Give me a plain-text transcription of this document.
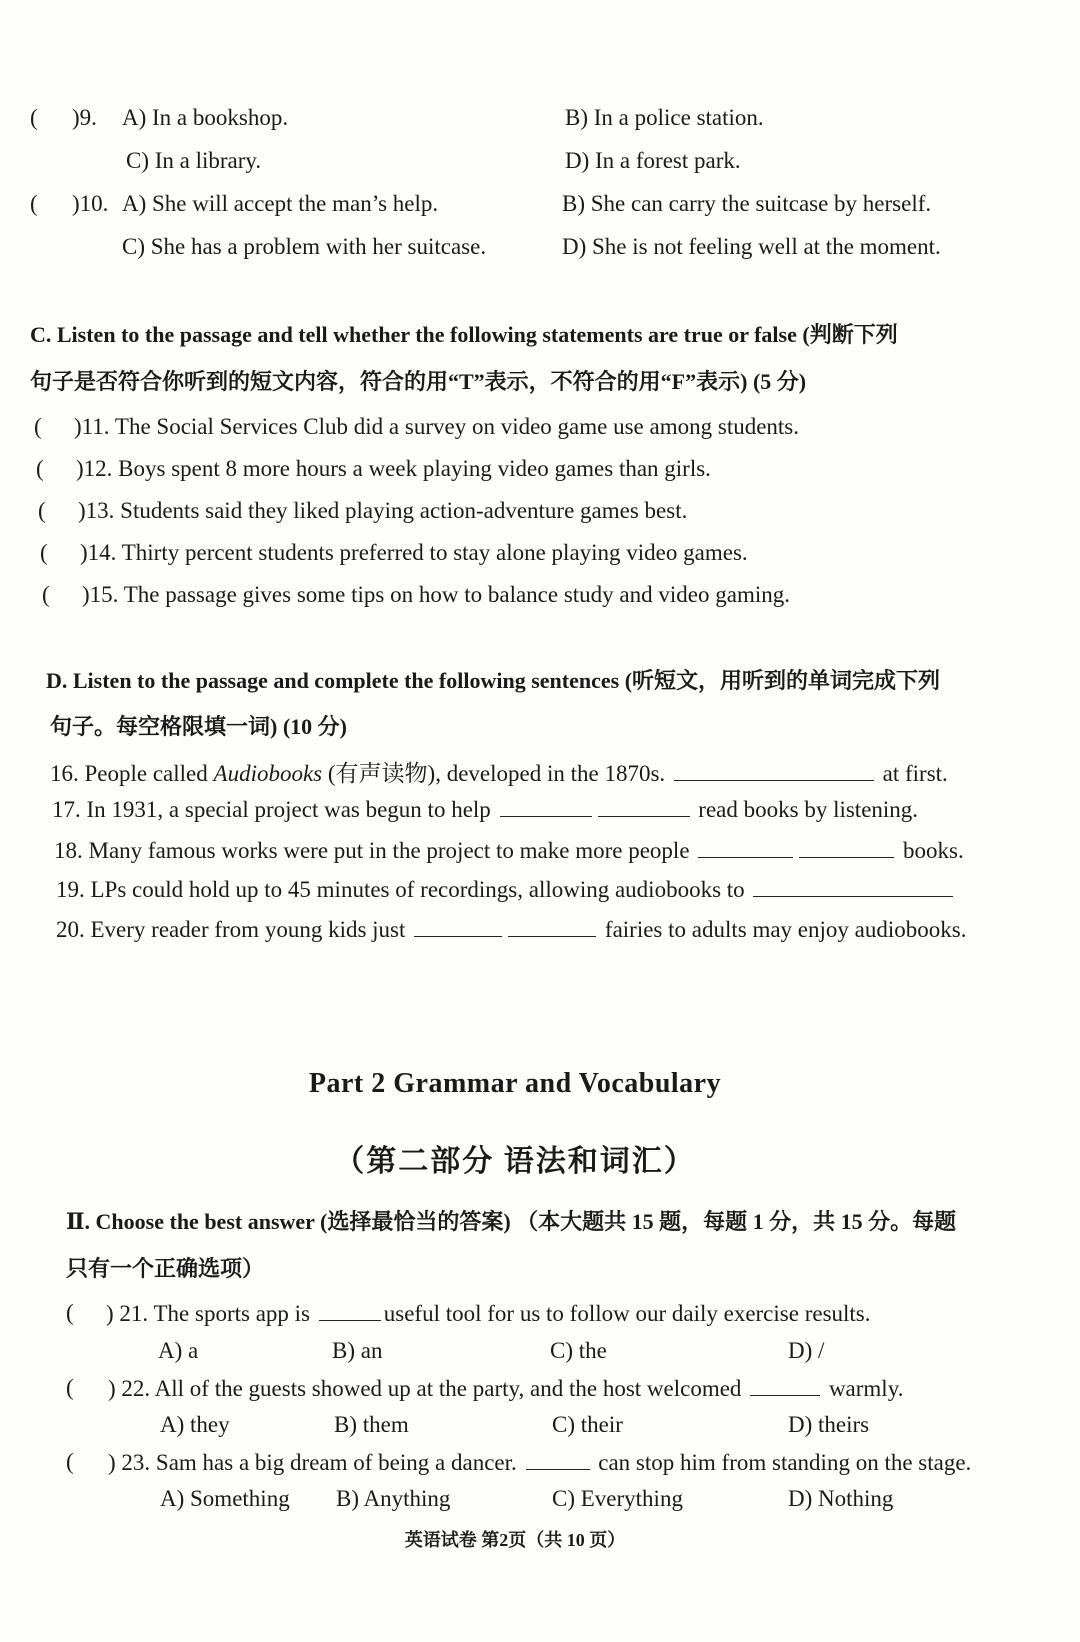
( )9. A) In a bookshop.	B) In a police station.
C) In a library.	D) In a forest park.
( )10. A) She will accept the man’s help.	B) She can carry the suitcase by herself.
C) She has a problem with her suitcase.	D) She is not feeling well at the moment.
C. Listen to the passage and tell whether the following statements are true or false (判断下列
句子是否符合你听到的短文内容，符合的用“T”表示，不符合的用“F”表示) (5 分)
( )11. The Social Services Club did a survey on video game use among students.
( )12. Boys spent 8 more hours a week playing video games than girls.
( )13. Students said they liked playing action-adventure games best.
( )14. Thirty percent students preferred to stay alone playing video games.
( )15. The passage gives some tips on how to balance study and video gaming.
D. Listen to the passage and complete the following sentences (听短文，用听到的单词完成下列
句子。每空格限填一词) (10 分)
16. People called Audiobooks (有声读物), developed in the 1870s.	at first.
17. In 1931, a special project was begun to help	read books by listening.
18. Many famous works were put in the project to make more people	books.
19. LPs could hold up to 45 minutes of recordings, allowing audiobooks to
20. Every reader from young kids just	fairies to adults may enjoy audiobooks.
Part 2 Grammar and Vocabulary
（第二部分 语法和词汇）
Ⅱ. Choose the best answer (选择最恰当的答案) （本大题共 15 题，每题 1 分，共 15 分。每题
只有一个正确选项）
( ) 21. The sports app is	useful tool for us to follow our daily exercise results.
A) a	B) an	C) the	D) /
( ) 22. All of the guests showed up at the party, and the host welcomed	warmly.
A) they	B) them	C) their	D) theirs
( ) 23. Sam has a big dream of being a dancer.	can stop him from standing on the stage.
A) Something B) Anything	C) Everything	D) Nothing
英语试卷 第2页（共 10 页）
